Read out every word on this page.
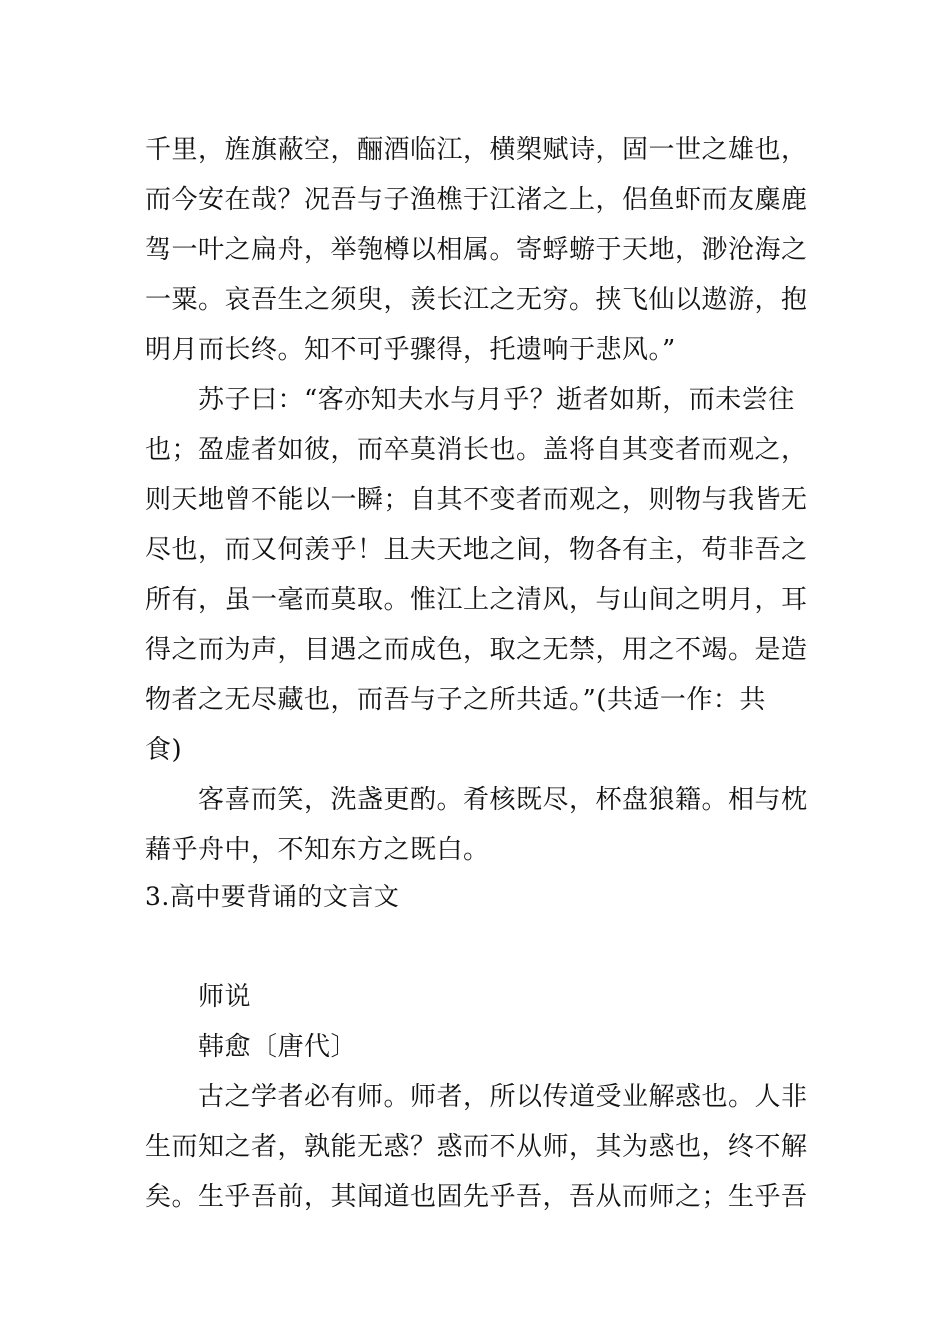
千里，旌旗蔽空，酾酒临江，横槊赋诗，固一世之雄也，
而今安在哉？况吾与子渔樵于江渚之上，侣鱼虾而友麋鹿
驾一叶之扁舟，举匏樽以相属。寄蜉蝣于天地，渺沧海之
一粟。哀吾生之须臾，羡长江之无穷。挟飞仙以遨游，抱
明月而长终。知不可乎骤得，托遗响于悲风。”
苏子曰：“客亦知夫水与月乎？逝者如斯，而未尝往
也；盈虚者如彼，而卒莫消长也。盖将自其变者而观之，
则天地曾不能以一瞬；自其不变者而观之，则物与我皆无
尽也，而又何羡乎！且夫天地之间，物各有主，苟非吾之
所有，虽一毫而莫取。惟江上之清风，与山间之明月，耳
得之而为声，目遇之而成色，取之无禁，用之不竭。是造
物者之无尽藏也，而吾与子之所共适。”(共适一作：共
食)
客喜而笑，洗盏更酌。肴核既尽，杯盘狼籍。相与枕
藉乎舟中，不知东方之既白。
3.高中要背诵的文言文
师说
韩愈〔唐代〕
古之学者必有师。师者，所以传道受业解惑也。人非
生而知之者，孰能无惑？惑而不从师，其为惑也，终不解
矣。生乎吾前，其闻道也固先乎吾，吾从而师之；生乎吾
